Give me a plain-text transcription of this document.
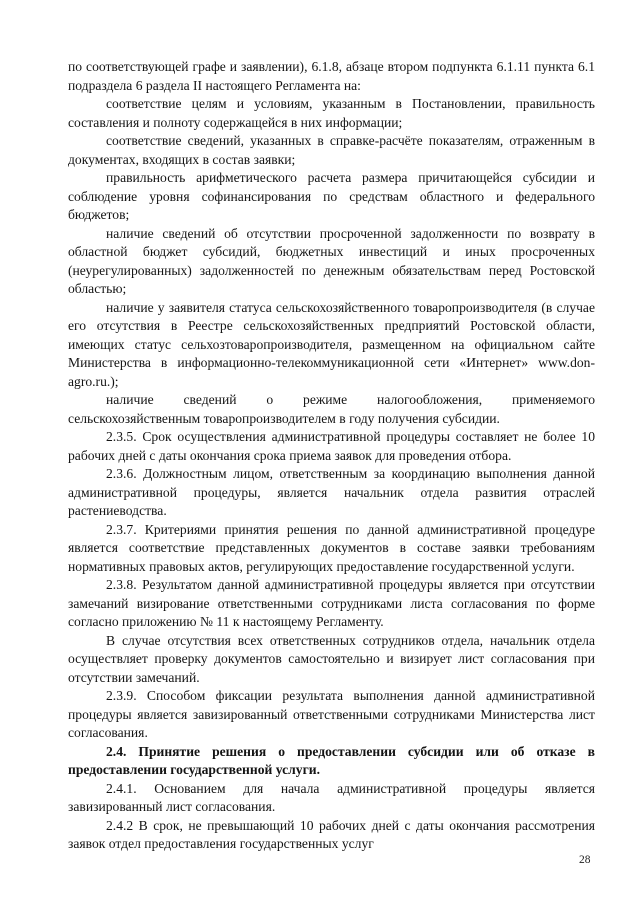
по соответствующей графе и заявлении), 6.1.8, абзаце втором подпункта 6.1.11 пункта 6.1 подраздела 6 раздела II настоящего Регламента на:

соответствие целям и условиям, указанным в Постановлении, правильность составления и полноту содержащейся в них информации;

соответствие сведений, указанных в справке-расчёте показателям, отраженным в документах, входящих в состав заявки;

правильность арифметического расчета размера причитающейся субсидии и соблюдение уровня софинансирования по средствам областного и федерального бюджетов;

наличие сведений об отсутствии просроченной задолженности по возврату в областной бюджет субсидий, бюджетных инвестиций и иных просроченных (неурегулированных) задолженностей по денежным обязательствам перед Ростовской областью;

наличие у заявителя статуса сельскохозяйственного товаропроизводителя (в случае его отсутствия в Реестре сельскохозяйственных предприятий Ростовской области, имеющих статус сельхозтоваропроизводителя, размещенном на официальном сайте Министерства в информационно-телекоммуникационной сети «Интернет» www.don-agro.ru.);

наличие сведений о режиме налогообложения, применяемого сельскохозяйственным товаропроизводителем в году получения субсидии.

2.3.5. Срок осуществления административной процедуры составляет не более 10 рабочих дней с даты окончания срока приема заявок для проведения отбора.

2.3.6. Должностным лицом, ответственным за координацию выполнения данной административной процедуры, является начальник отдела развития отраслей растениеводства.

2.3.7. Критериями принятия решения по данной административной процедуре является соответствие представленных документов в составе заявки требованиям нормативных правовых актов, регулирующих предоставление государственной услуги.

2.3.8. Результатом данной административной процедуры является при отсутствии замечаний визирование ответственными сотрудниками листа согласования по форме согласно приложению № 11 к настоящему Регламенту.

В случае отсутствия всех ответственных сотрудников отдела, начальник отдела осуществляет проверку документов самостоятельно и визирует лист согласования при отсутствии замечаний.

2.3.9. Способом фиксации результата выполнения данной административной процедуры является завизированный ответственными сотрудниками Министерства лист согласования.

2.4. Принятие решения о предоставлении субсидии или об отказе в предоставлении государственной услуги.

2.4.1. Основанием для начала административной процедуры является завизированный лист согласования.

2.4.2 В срок, не превышающий 10 рабочих дней с даты окончания рассмотрения заявок отдел предоставления государственных услуг

28
